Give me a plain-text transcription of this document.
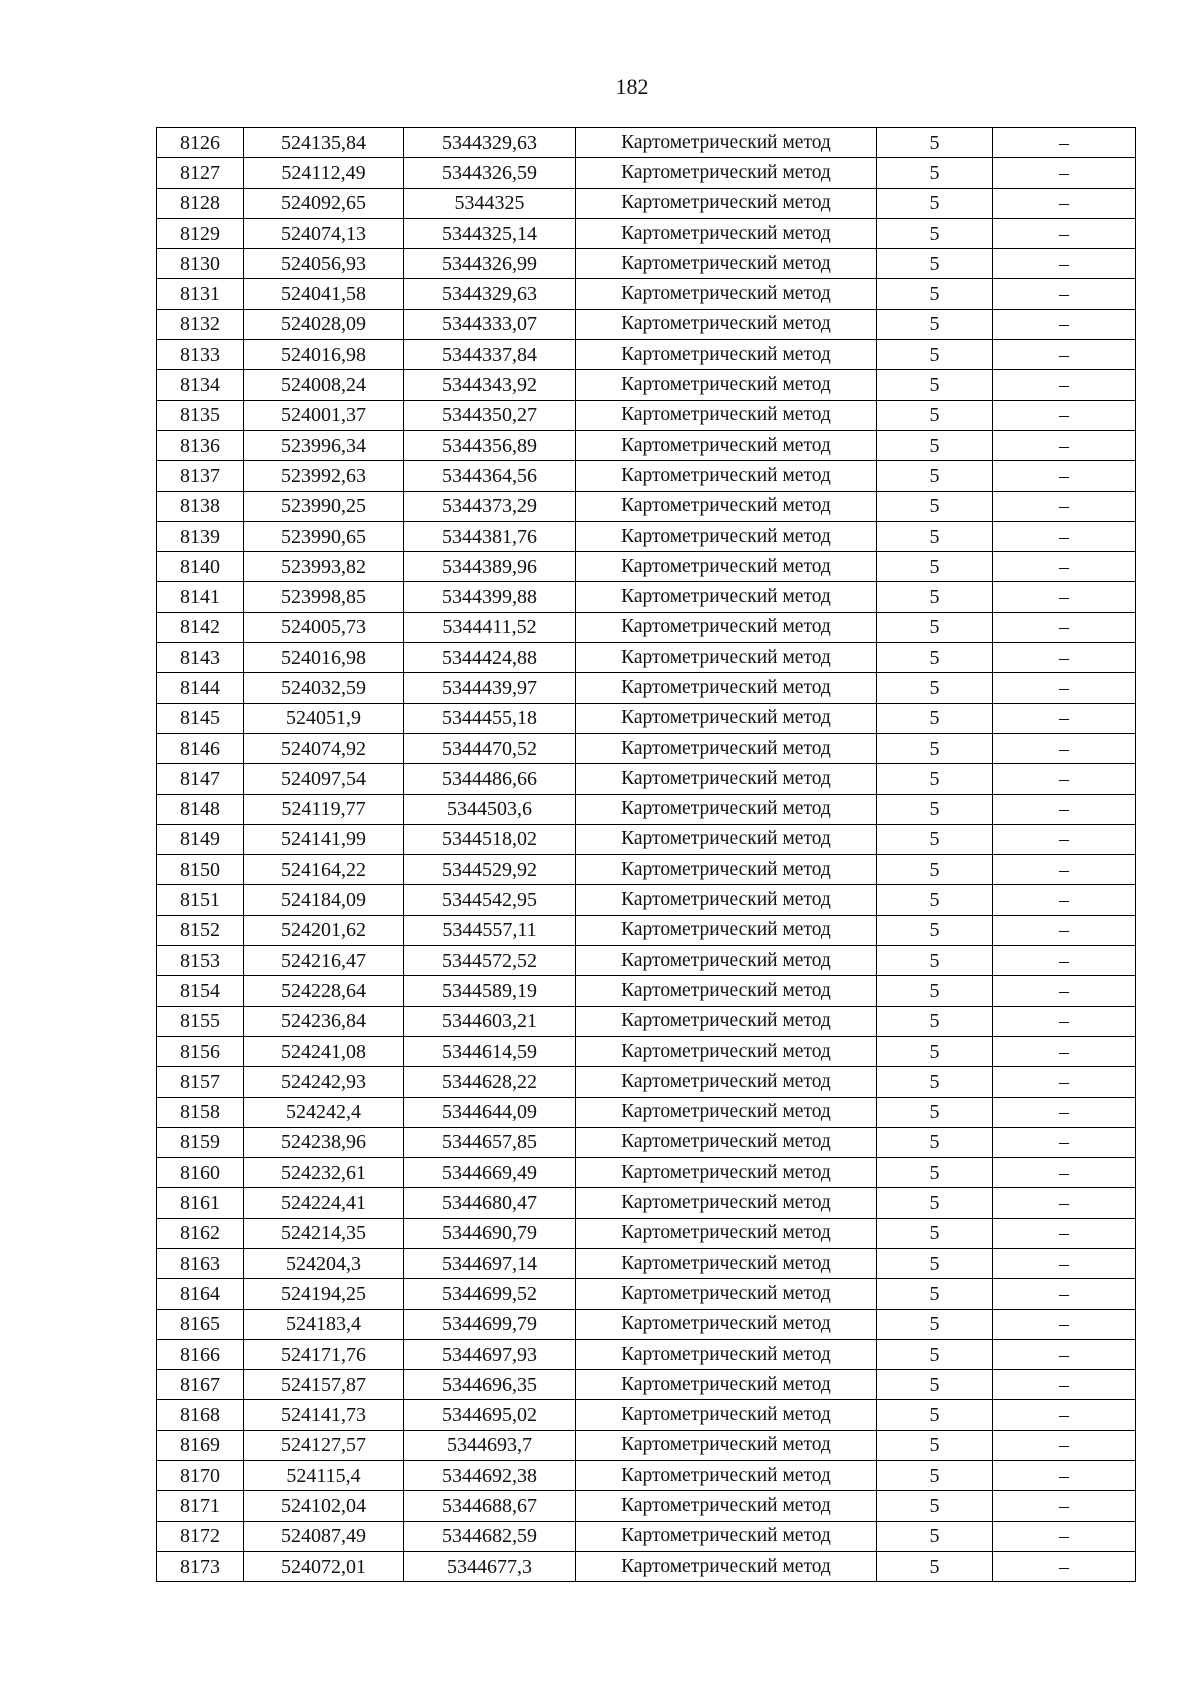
182
8126	524135,84	5344329,63	Картометрический метод	5	–
8127	524112,49	5344326,59	Картометрический метод	5	–
8128	524092,65	5344325	Картометрический метод	5	–
8129	524074,13	5344325,14	Картометрический метод	5	–
8130	524056,93	5344326,99	Картометрический метод	5	–
8131	524041,58	5344329,63	Картометрический метод	5	–
8132	524028,09	5344333,07	Картометрический метод	5	–
8133	524016,98	5344337,84	Картометрический метод	5	–
8134	524008,24	5344343,92	Картометрический метод	5	–
8135	524001,37	5344350,27	Картометрический метод	5	–
8136	523996,34	5344356,89	Картометрический метод	5	–
8137	523992,63	5344364,56	Картометрический метод	5	–
8138	523990,25	5344373,29	Картометрический метод	5	–
8139	523990,65	5344381,76	Картометрический метод	5	–
8140	523993,82	5344389,96	Картометрический метод	5	–
8141	523998,85	5344399,88	Картометрический метод	5	–
8142	524005,73	5344411,52	Картометрический метод	5	–
8143	524016,98	5344424,88	Картометрический метод	5	–
8144	524032,59	5344439,97	Картометрический метод	5	–
8145	524051,9	5344455,18	Картометрический метод	5	–
8146	524074,92	5344470,52	Картометрический метод	5	–
8147	524097,54	5344486,66	Картометрический метод	5	–
8148	524119,77	5344503,6	Картометрический метод	5	–
8149	524141,99	5344518,02	Картометрический метод	5	–
8150	524164,22	5344529,92	Картометрический метод	5	–
8151	524184,09	5344542,95	Картометрический метод	5	–
8152	524201,62	5344557,11	Картометрический метод	5	–
8153	524216,47	5344572,52	Картометрический метод	5	–
8154	524228,64	5344589,19	Картометрический метод	5	–
8155	524236,84	5344603,21	Картометрический метод	5	–
8156	524241,08	5344614,59	Картометрический метод	5	–
8157	524242,93	5344628,22	Картометрический метод	5	–
8158	524242,4	5344644,09	Картометрический метод	5	–
8159	524238,96	5344657,85	Картометрический метод	5	–
8160	524232,61	5344669,49	Картометрический метод	5	–
8161	524224,41	5344680,47	Картометрический метод	5	–
8162	524214,35	5344690,79	Картометрический метод	5	–
8163	524204,3	5344697,14	Картометрический метод	5	–
8164	524194,25	5344699,52	Картометрический метод	5	–
8165	524183,4	5344699,79	Картометрический метод	5	–
8166	524171,76	5344697,93	Картометрический метод	5	–
8167	524157,87	5344696,35	Картометрический метод	5	–
8168	524141,73	5344695,02	Картометрический метод	5	–
8169	524127,57	5344693,7	Картометрический метод	5	–
8170	524115,4	5344692,38	Картометрический метод	5	–
8171	524102,04	5344688,67	Картометрический метод	5	–
8172	524087,49	5344682,59	Картометрический метод	5	–
8173	524072,01	5344677,3	Картометрический метод	5	–
